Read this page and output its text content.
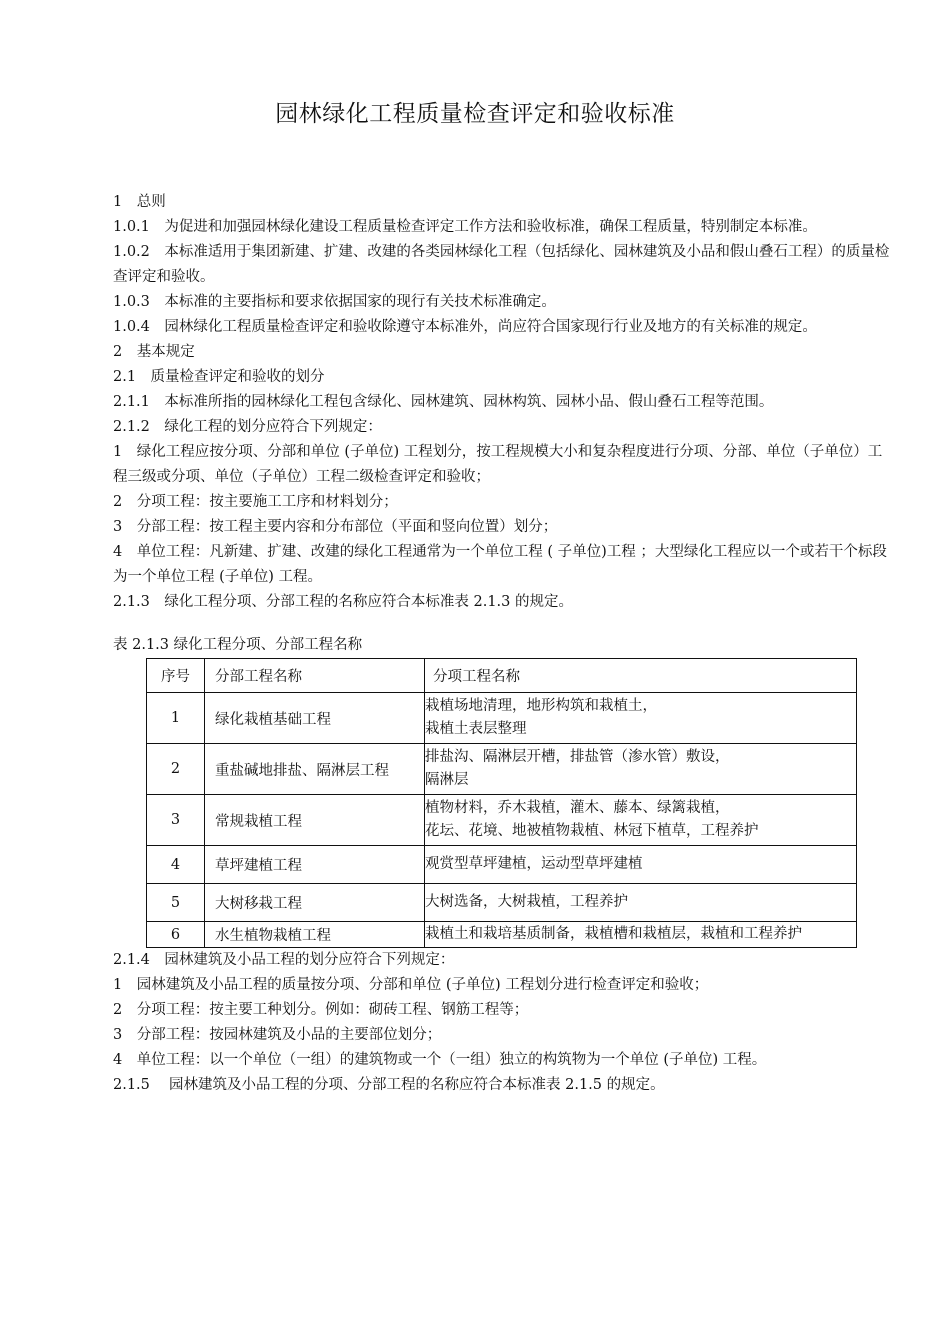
园林绿化工程质量检查评定和验收标准

1　总则

1.0.1　为促进和加强园林绿化建设工程质量检查评定工作方法和验收标准，确保工程质量，特别制定本标准。

1.0.2　本标准适用于集团新建、扩建、改建的各类园林绿化工程（包括绿化、园林建筑及小品和假山叠石工程）的质量检查评定和验收。

1.0.3　本标准的主要指标和要求依据国家的现行有关技术标准确定。

1.0.4　园林绿化工程质量检查评定和验收除遵守本标准外，尚应符合国家现行行业及地方的有关标准的规定。

2　基本规定

2.1　质量检查评定和验收的划分

2.1.1　本标准所指的园林绿化工程包含绿化、园林建筑、园林构筑、园林小品、假山叠石工程等范围。

2.1.2　绿化工程的划分应符合下列规定：

1　绿化工程应按分项、分部和单位 (子单位) 工程划分，按工程规模大小和复杂程度进行分项、分部、单位（子单位）工程三级或分项、单位（子单位）工程二级检查评定和验收；

2　分项工程：按主要施工工序和材料划分；

3　分部工程：按工程主要内容和分布部位（平面和竖向位置）划分；

4　单位工程：凡新建、扩建、改建的绿化工程通常为一个单位工程 ( 子单位)工程 ；大型绿化工程应以一个或若干个标段为一个单位工程 (子单位) 工程。

2.1.3　绿化工程分项、分部工程的名称应符合本标准表 2.1.3 的规定。

表 2.1.3 绿化工程分项、分部工程名称

序号	分部工程名称	分项工程名称
1	绿化栽植基础工程	栽植场地清理，地形构筑和栽植土，
栽植土表层整理

2	重盐碱地排盐、隔淋层工程	排盐沟、隔淋层开槽，排盐管（渗水管）敷设，
隔淋层

3	常规栽植工程	植物材料，乔木栽植，灌木、藤本、绿篱栽植，
花坛、花境、地被植物栽植、林冠下植草，工程养护

4	草坪建植工程	观赏型草坪建植，运动型草坪建植
5	大树移栽工程	大树选备，大树栽植，工程养护
6	水生植物栽植工程	栽植土和栽培基质制备，栽植槽和栽植层，栽植和工程养护

2.1.4　园林建筑及小品工程的划分应符合下列规定：

1　园林建筑及小品工程的质量按分项、分部和单位 (子单位) 工程划分进行检查评定和验收；

2　分项工程：按主要工种划分。例如：砌砖工程、钢筋工程等；

3　分部工程：按园林建筑及小品的主要部位划分；

4　单位工程：以一个单位（一组）的建筑物或一个（一组）独立的构筑物为一个单位 (子单位) 工程。

2.1.5　 园林建筑及小品工程的分项、分部工程的名称应符合本标准表 2.1.5 的规定。
